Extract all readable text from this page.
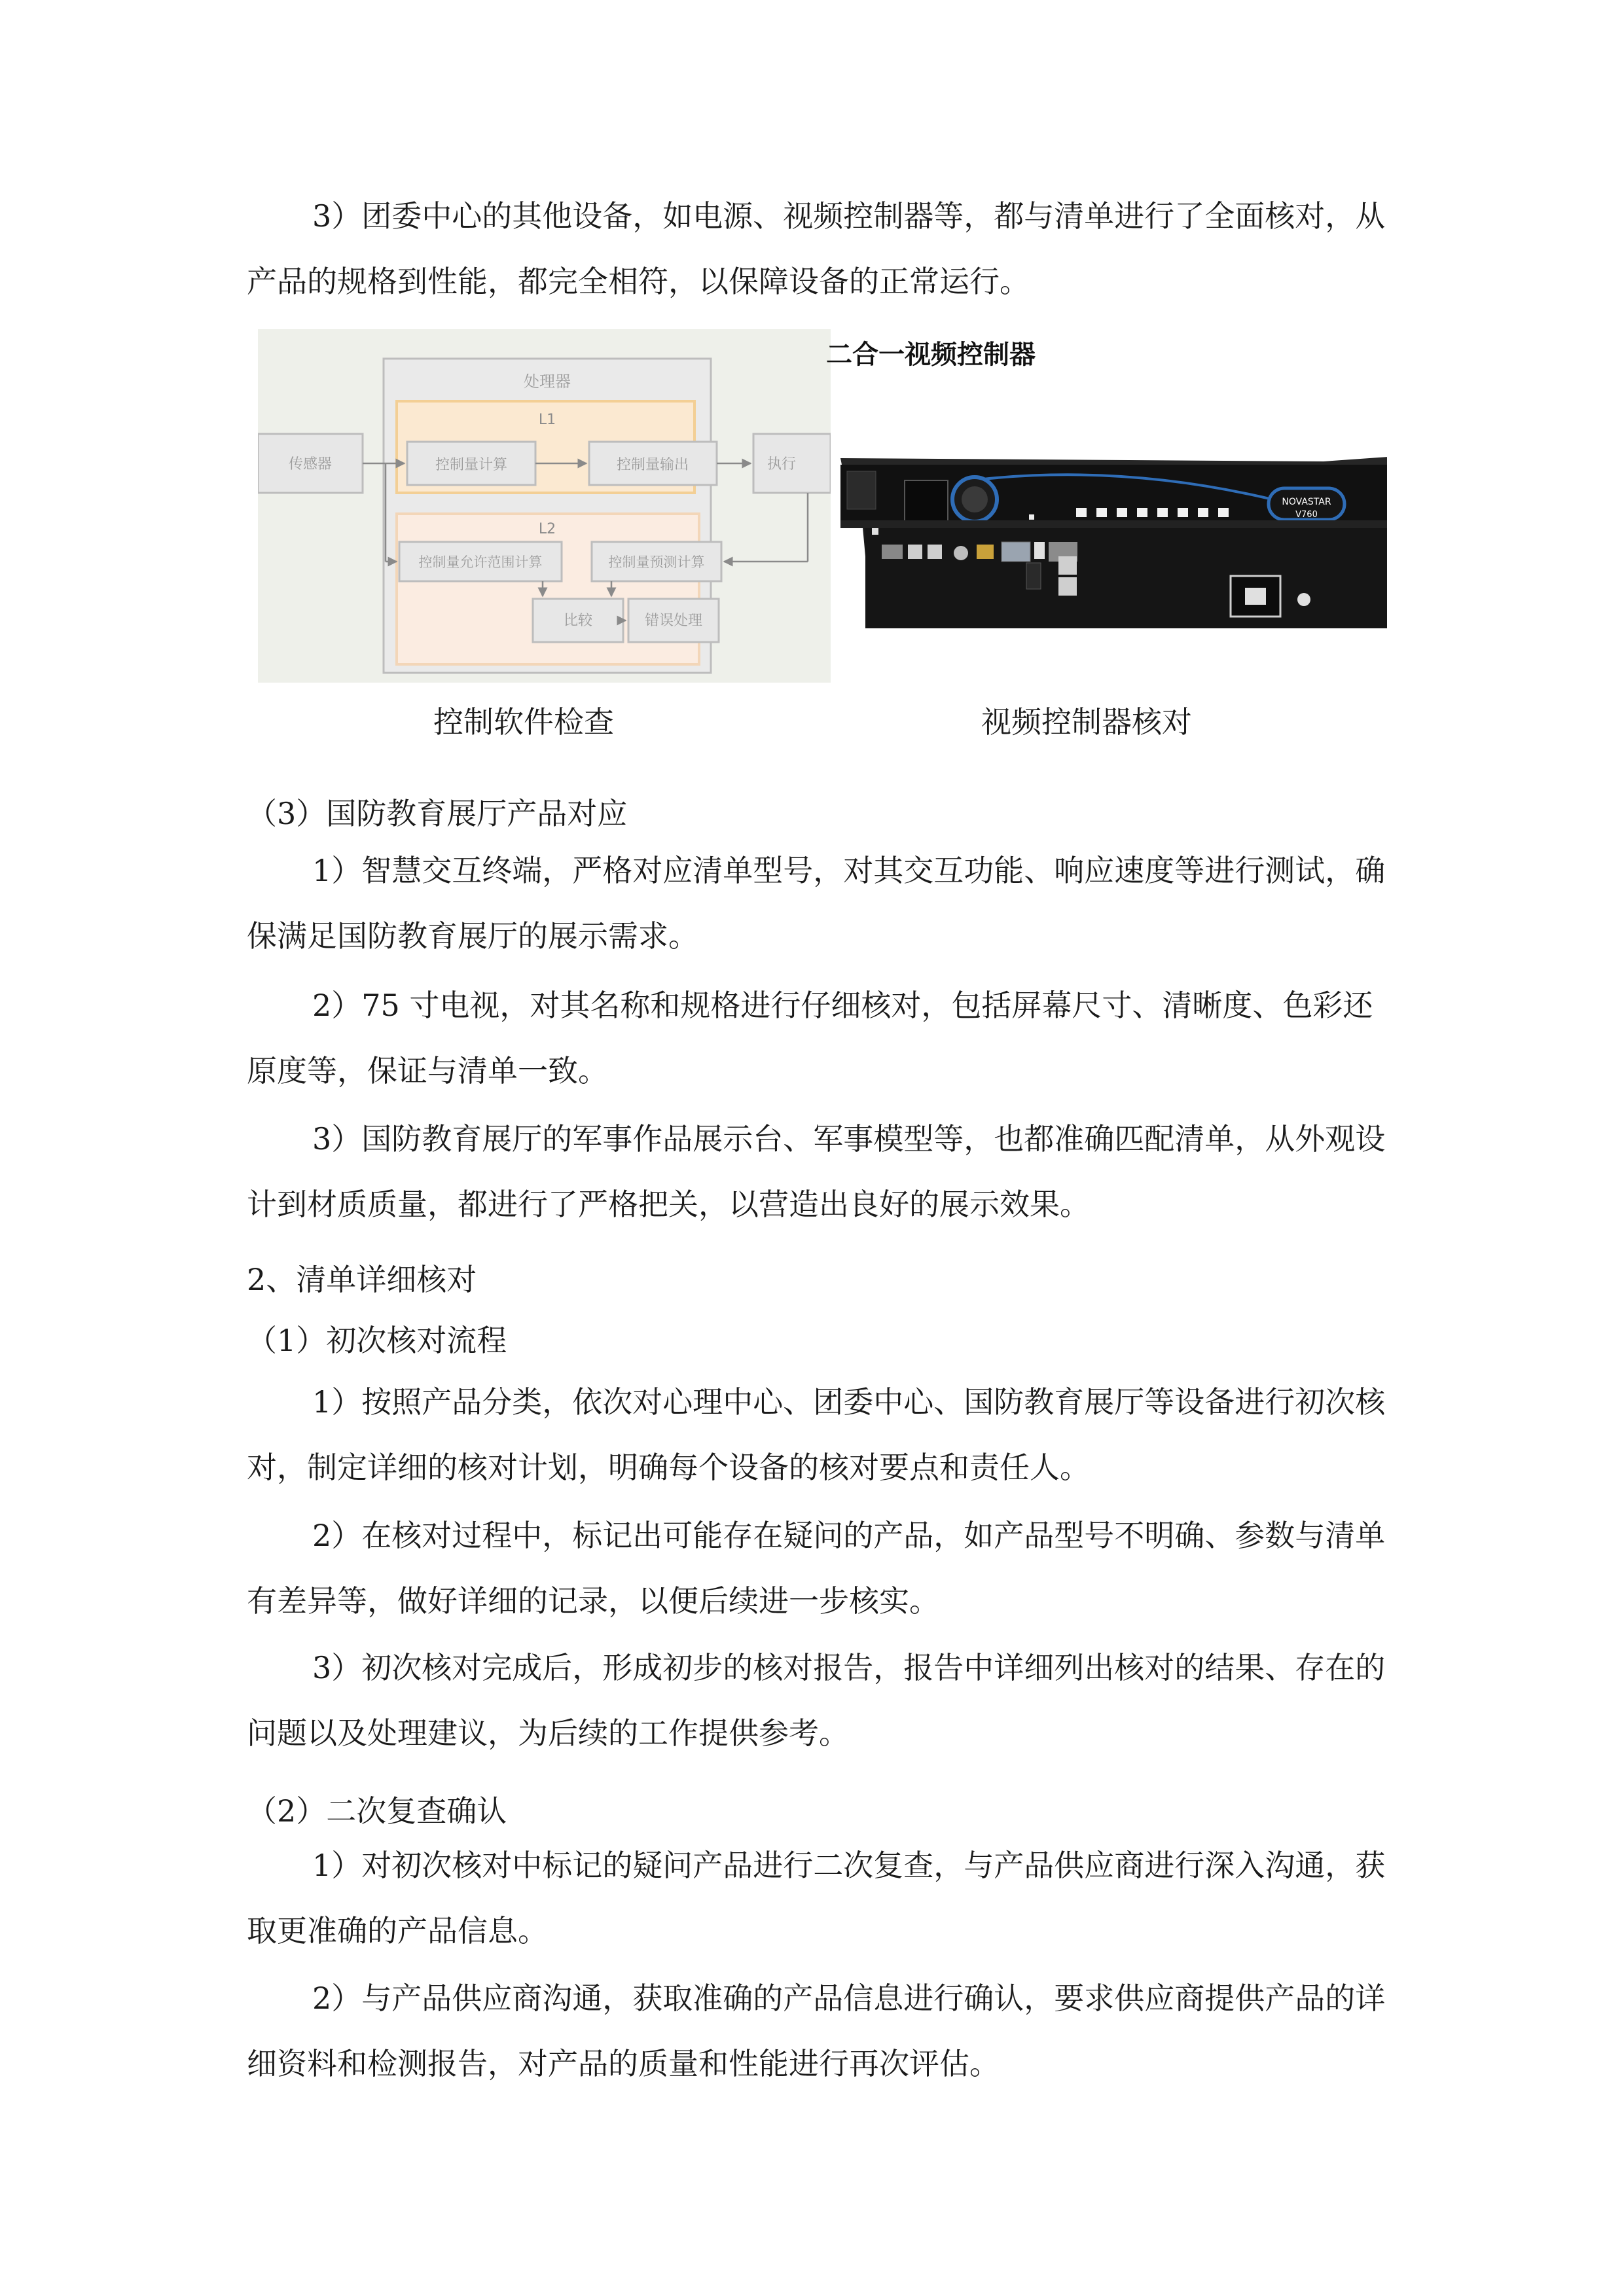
3）团委中心的其他设备，如电源、视频控制器等，都与清单进行了全面核对，从产品的规格到性能，都完全相符，以保障设备的正常运行。

处理器
L1
控制量计算	控制量输出
L2
控制量允许范围计算	控制量预测计算
比较	错误处理
传感器	执行
二合一视频控制器
NOVASTAR
V760
控制软件检查	视频控制器核对
（3）国防教育展厅产品对应

1）智慧交互终端，严格对应清单型号，对其交互功能、响应速度等进行测试，确保满足国防教育展厅的展示需求。

2）75 寸电视，对其名称和规格进行仔细核对，包括屏幕尺寸、清晰度、色彩还原度等，保证与清单一致。

3）国防教育展厅的军事作品展示台、军事模型等，也都准确匹配清单，从外观设计到材质质量，都进行了严格把关，以营造出良好的展示效果。

2、清单详细核对
（1）初次核对流程

1）按照产品分类，依次对心理中心、团委中心、国防教育展厅等设备进行初次核对，制定详细的核对计划，明确每个设备的核对要点和责任人。

2）在核对过程中，标记出可能存在疑问的产品，如产品型号不明确、参数与清单有差异等，做好详细的记录，以便后续进一步核实。

3）初次核对完成后，形成初步的核对报告，报告中详细列出核对的结果、存在的问题以及处理建议，为后续的工作提供参考。

（2）二次复查确认

1）对初次核对中标记的疑问产品进行二次复查，与产品供应商进行深入沟通，获取更准确的产品信息。

2）与产品供应商沟通，获取准确的产品信息进行确认，要求供应商提供产品的详细资料和检测报告，对产品的质量和性能进行再次评估。
